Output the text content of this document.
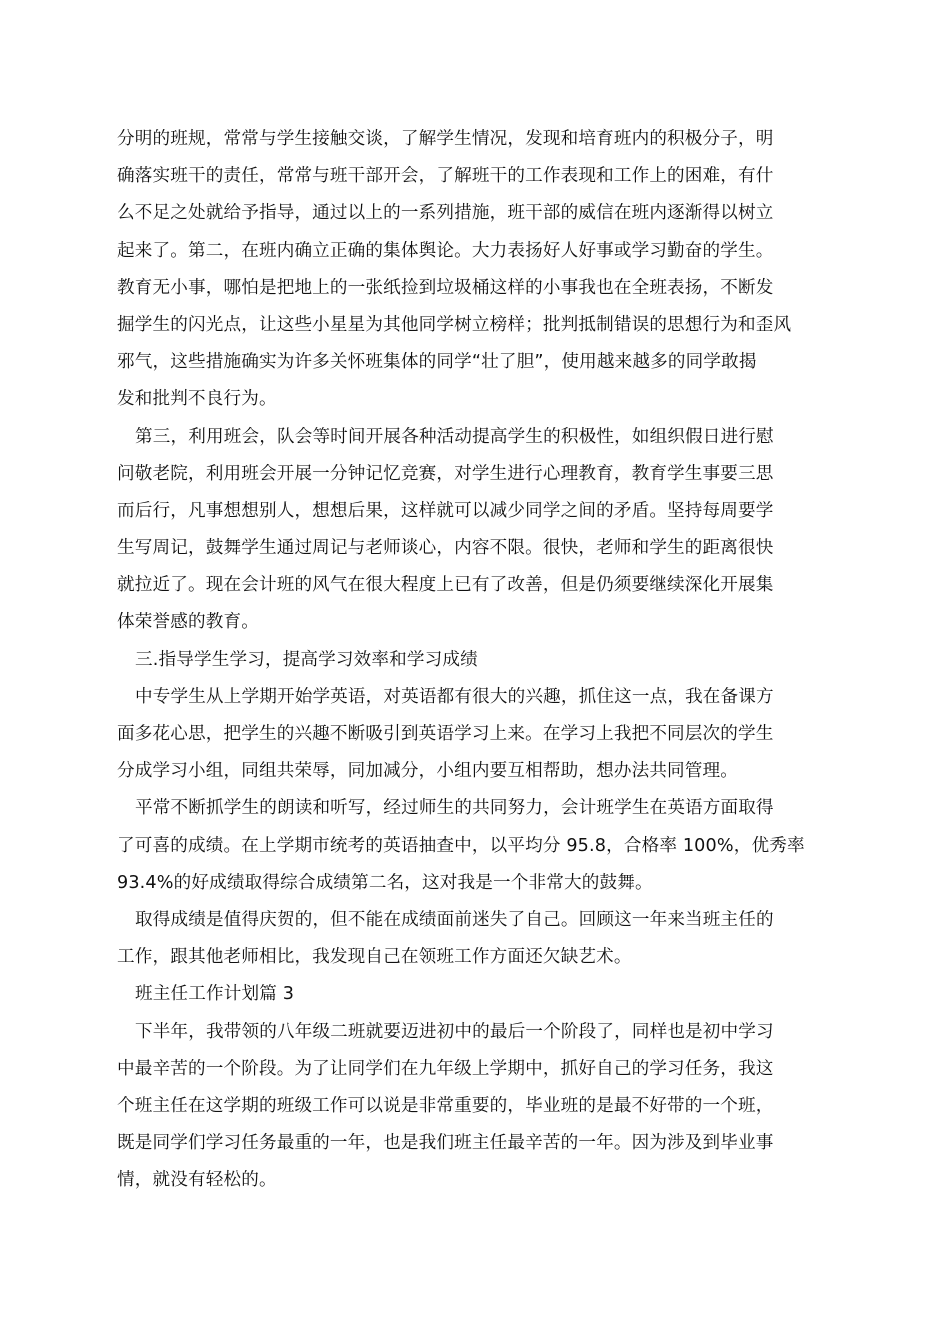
分明的班规，常常与学生接触交谈，了解学生情况，发现和培育班内的积极分子，明
确落实班干的责任，常常与班干部开会，了解班干的工作表现和工作上的困难，有什
么不足之处就给予指导，通过以上的一系列措施，班干部的威信在班内逐渐得以树立
起来了。第二，在班内确立正确的集体舆论。大力表扬好人好事或学习勤奋的学生。
教育无小事，哪怕是把地上的一张纸捡到垃圾桶这样的小事我也在全班表扬，不断发
掘学生的闪光点，让这些小星星为其他同学树立榜样；批判抵制错误的思想行为和歪风
邪气，这些措施确实为许多关怀班集体的同学“壮了胆”，使用越来越多的同学敢揭
发和批判不良行为。
第三，利用班会，队会等时间开展各种活动提高学生的积极性，如组织假日进行慰
问敬老院，利用班会开展一分钟记忆竞赛，对学生进行心理教育，教育学生事要三思
而后行，凡事想想别人，想想后果，这样就可以减少同学之间的矛盾。坚持每周要学
生写周记，鼓舞学生通过周记与老师谈心，内容不限。很快，老师和学生的距离很快
就拉近了。现在会计班的风气在很大程度上已有了改善，但是仍须要继续深化开展集
体荣誉感的教育。
三.指导学生学习，提高学习效率和学习成绩
中专学生从上学期开始学英语，对英语都有很大的兴趣，抓住这一点，我在备课方
面多花心思，把学生的兴趣不断吸引到英语学习上来。在学习上我把不同层次的学生
分成学习小组，同组共荣辱，同加减分，小组内要互相帮助，想办法共同管理。
平常不断抓学生的朗读和听写，经过师生的共同努力，会计班学生在英语方面取得
了可喜的成绩。在上学期市统考的英语抽查中，以平均分 95.8，合格率 100%，优秀率
93.4%的好成绩取得综合成绩第二名，这对我是一个非常大的鼓舞。
取得成绩是值得庆贺的，但不能在成绩面前迷失了自己。回顾这一年来当班主任的
工作，跟其他老师相比，我发现自己在领班工作方面还欠缺艺术。
班主任工作计划篇 3
下半年，我带领的八年级二班就要迈进初中的最后一个阶段了，同样也是初中学习
中最辛苦的一个阶段。为了让同学们在九年级上学期中，抓好自己的学习任务，我这
个班主任在这学期的班级工作可以说是非常重要的，毕业班的是最不好带的一个班，
既是同学们学习任务最重的一年，也是我们班主任最辛苦的一年。因为涉及到毕业事
情，就没有轻松的。
